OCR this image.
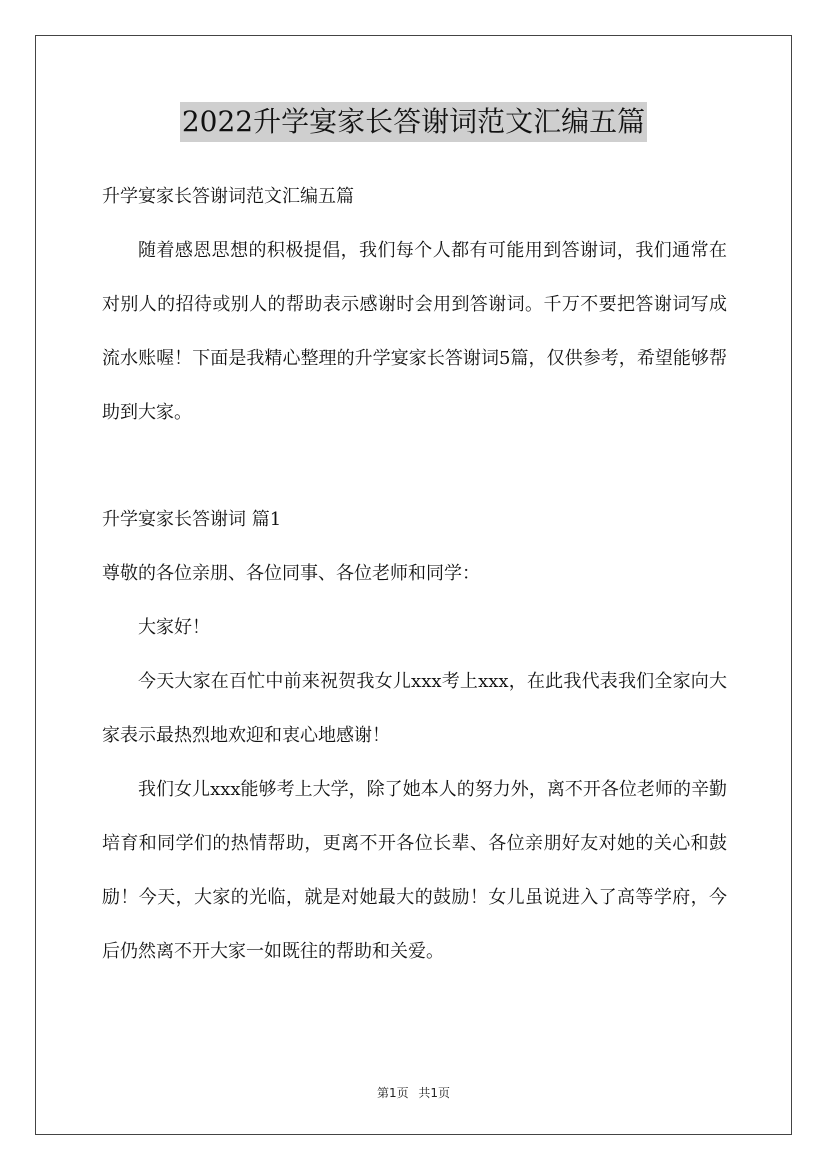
2022升学宴家长答谢词范文汇编五篇

升学宴家长答谢词范文汇编五篇

随着感恩思想的积极提倡，我们每个人都有可能用到答谢词，我们通常在对别人的招待或别人的帮助表示感谢时会用到答谢词。千万不要把答谢词写成流水账喔！下面是我精心整理的升学宴家长答谢词5篇，仅供参考，希望能够帮助到大家。

升学宴家长答谢词 篇1

尊敬的各位亲朋、各位同事、各位老师和同学：

大家好！

今天大家在百忙中前来祝贺我女儿xxx考上xxx，在此我代表我们全家向大家表示最热烈地欢迎和衷心地感谢！

我们女儿xxx能够考上大学，除了她本人的努力外，离不开各位老师的辛勤培育和同学们的热情帮助，更离不开各位长辈、各位亲朋好友对她的关心和鼓励！今天，大家的光临，就是对她最大的鼓励！女儿虽说进入了高等学府，今后仍然离不开大家一如既往的帮助和关爱。

第1页 共1页
